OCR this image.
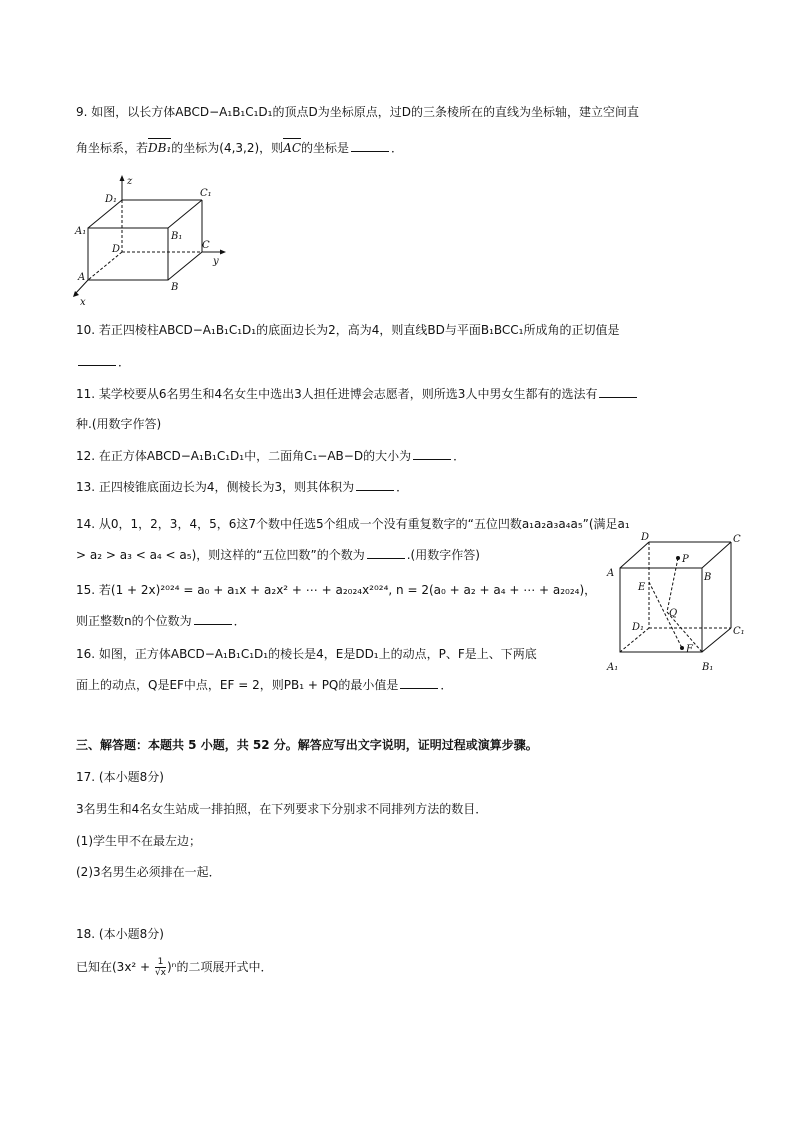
9. 如图，以长方体ABCD−A₁B₁C₁D₁的顶点D为坐标原点，过D的三条棱所在的直线为坐标轴，建立空间直
角坐标系，若DB₁的坐标为(4,3,2)，则AC的坐标是	．
z
y
x
D₁
C₁
A₁	B₁
D	C
A
B
10. 若正四棱柱ABCD−A₁B₁C₁D₁的底面边长为2，高为4，则直线BD与平面B₁BCC₁所成角的正切值是
．
11. 某学校要从6名男生和4名女生中选出3人担任进博会志愿者，则所选3人中男女生都有的选法有
种.(用数字作答)
12. 在正方体ABCD−A₁B₁C₁D₁中，二面角C₁−AB−D的大小为	．
13. 正四棱锥底面边长为4，侧棱长为3，则其体积为	．
14. 从0，1，2，3，4，5，6这7个数中任选5个组成一个没有重复数字的“五位凹数a₁a₂a₃a₄a₅”(满足a₁
> a₂ > a₃ < a₄ < a₅)，则这样的“五位凹数”的个数为	.(用数字作答)
15. 若(1 + 2x)²⁰²⁴ = a₀ + a₁x + a₂x² + ⋯ + a₂₀₂₄x²⁰²⁴, n = 2(a₀ + a₂ + a₄ + ⋯ + a₂₀₂₄)，
则正整数n的个位数为	．
16. 如图，正方体ABCD−A₁B₁C₁D₁的棱长是4，E是DD₁上的动点，P、F是上、下两底
面上的动点，Q是EF中点，EF = 2，则PB₁ + PQ的最小值是	．
D	C
A	B
P
E
Q
D₁	C₁
F
A₁	B₁
三、解答题：本题共 5 小题，共 52 分。解答应写出文字说明，证明过程或演算步骤。
17. (本小题8分)
3名男生和4名女生站成一排拍照，在下列要求下分别求不同排列方法的数目．
(1)学生甲不在最左边；
(2)3名男生必须排在一起．
18. (本小题8分)
已知在$(3x^2 + \frac{1}{√x} )^n$的二项展开式中．
